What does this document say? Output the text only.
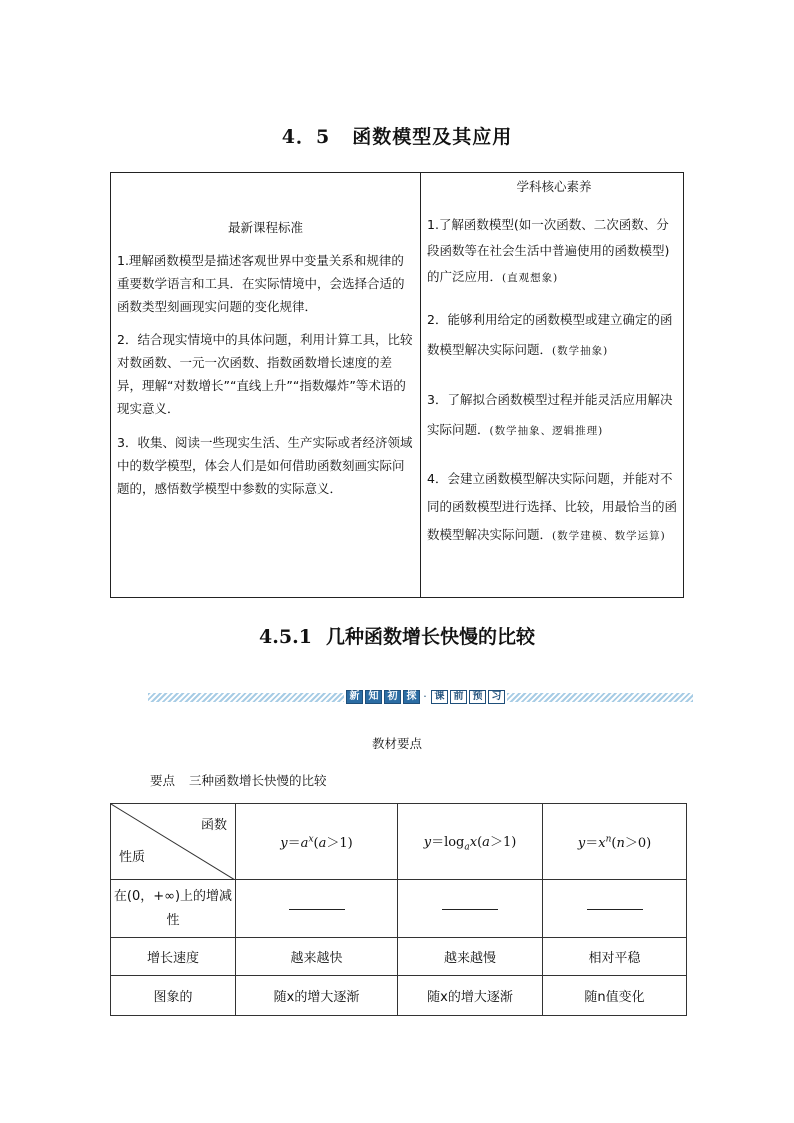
4．5 函数模型及其应用
最新课程标准

1.理解函数模型是描述客观世界中变量关系和规律的重要数学语言和工具．在实际情境中，会选择合适的函数类型刻画现实问题的变化规律．

2．结合现实情境中的具体问题，利用计算工具，比较对数函数、一元一次函数、指数函数增长速度的差异，理解“对数增长”“直线上升”“指数爆炸”等术语的现实意义．

3．收集、阅读一些现实生活、生产实际或者经济领域中的数学模型，体会人们是如何借助函数刻画实际问题的，感悟数学模型中参数的实际意义．

学科核心素养

1.了解函数模型(如一次函数、二次函数、分段函数等在社会生活中普遍使用的函数模型)的广泛应用．(直观想象)

2．能够利用给定的函数模型或建立确定的函数模型解决实际问题．(数学抽象)

3．了解拟合函数模型过程并能灵活应用解决实际问题．(数学抽象、逻辑推理)

4．会建立函数模型解决实际问题，并能对不同的函数模型进行选择、比较，用最恰当的函数模型解决实际问题．(数学建模、数学运算)

4.5.1 几种函数增长快慢的比较
新 知 初 探 · 课 前 预 习
教材要点
要点 三种函数增长快慢的比较
函数
性质	$y=a^x(a>1)$	$y=\log_ax(a>1)$	$y=x^n(n>0)$
在(0，+∞)上的增减性			
增长速度	越来越快	越来越慢	相对平稳
图象的	随x的增大逐渐	随x的增大逐渐	随n值变化
